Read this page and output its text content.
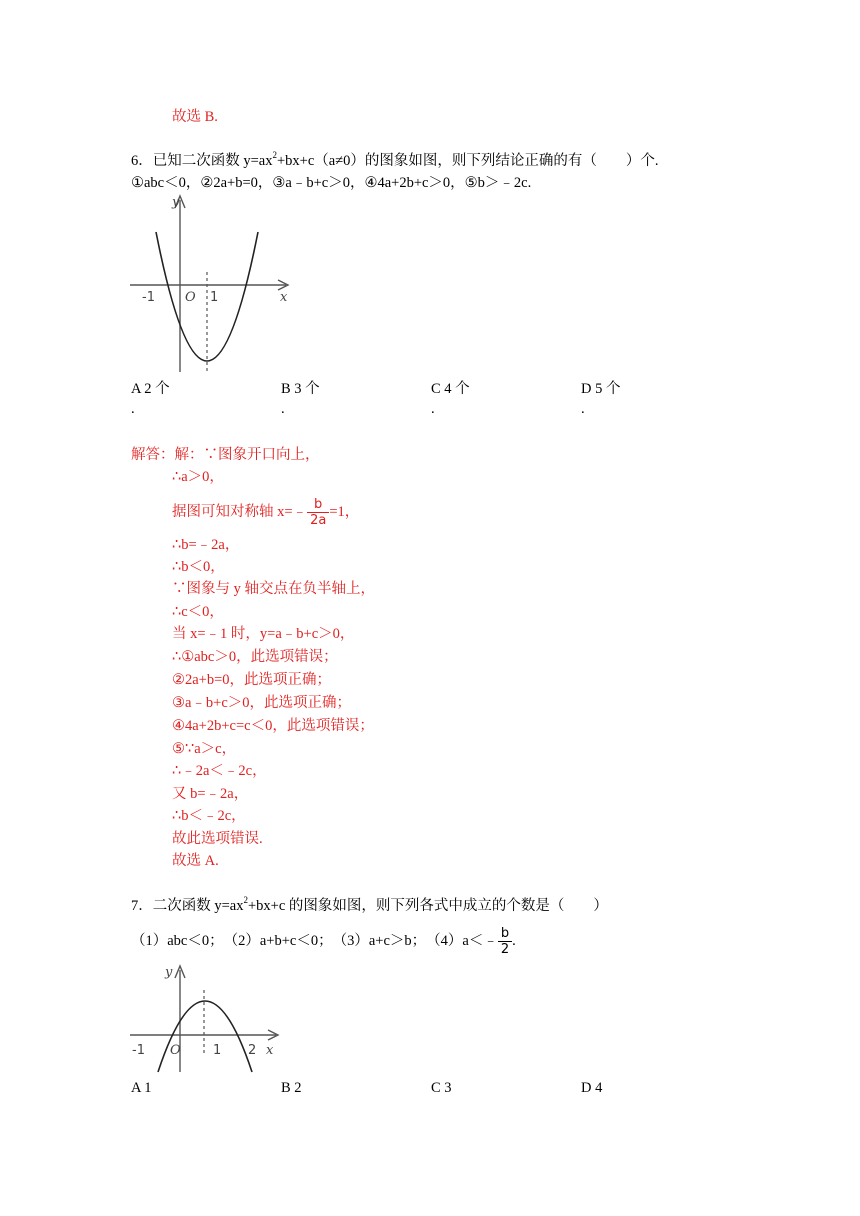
故选 B.
6．已知二次函数 $y=ax^2+bx+c(a\ne 0)$的图象如图，则下列结论正确的有（　　）个.
①abc＜0，②2a+b=0，③a﹣b+c＞0，④4a+2b+c＞0，⑤b＞﹣2c.
y
x
-1 O 1
A 2 个	B 3 个	C 4 个	D 5 个
.	.	.	.
解答：解：∵图象开口向上，
∴a＞0，
据图可知对称轴 x=﹣ $\frac{b}{2a} =1$，
∴b=﹣2a，
∴b＜0，
∵图象与 y 轴交点在负半轴上，
∴c＜0，
当 x=﹣1 时，y=a﹣b+c＞0，
∴①abc＞0，此选项错误；
②2a+b=0，此选项正确；
③a﹣b+c＞0，此选项正确；
④4a+2b+c=c＜0，此选项错误；
⑤∵a＞c，
∴﹣2a＜﹣2c，
又 b=﹣2a，
∴b＜﹣2c，
故此选项错误.
故选 A.
7．二次函数 $y=ax^2+bx+c$ 的图象如图，则下列各式中成立的个数是（　　）
（1）abc＜0；　（2）a+b+c＜0；　（3）a+c＞b；　（4）a＜﹣ $\frac{b}{2}$ .
y
x
-1 O 1 2
A 1	B 2	C 3	D 4
